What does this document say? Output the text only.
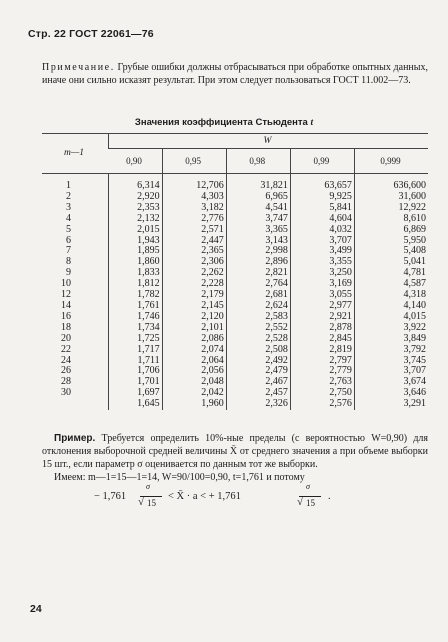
Стр. 22 ГОСТ 22061—76
Примечание. Грубые ошибки должны отбрасываться при обработке опытных данных, иначе они сильно исказят результат. При этом следует пользоваться ГОСТ 11.002—73.
Значения коэффициента Стьюдента t
m—1	W				
	0,90	0,95	0,98	0,99	0,999

1	6,314	12,706	31,821	63,657	636,600
2	2,920	4,303	6,965	9,925	31,600
3	2,353	3,182	4,541	5,841	12,922
4	2,132	2,776	3,747	4,604	8,610
5	2,015	2,571	3,365	4,032	6,869
6	1,943	2,447	3,143	3,707	5,950
7	1,895	2,365	2,998	3,499	5,408
8	1,860	2,306	2,896	3,355	5,041
9	1,833	2,262	2,821	3,250	4,781
10	1,812	2,228	2,764	3,169	4,587
12	1,782	2,179	2,681	3,055	4,318
14	1,761	2,145	2,624	2,977	4,140
16	1,746	2,120	2,583	2,921	4,015
18	1,734	2,101	2,552	2,878	3,922
20	1,725	2,086	2,528	2,845	3,849
22	1,717	2,074	2,508	2,819	3,792
24	1,711	2,064	2,492	2,797	3,745
26	1,706	2,056	2,479	2,779	3,707
28	1,701	2,048	2,467	2,763	3,674
30	1,697	2,042	2,457	2,750	3,646
	1,645	1,960	2,326	2,576	3,291
Пример. Требуется определить 10%-ные пределы (с вероятностью W=0,90) для отклонения выборочной средней величины X̄ от среднего значения a при объеме выборки 15 шт., если параметр σ оценивается по данным тот же выборки.
Имеем: m—1=15—1=14, W=90/100=0,90, t=1,761 и потому
− 1,761
σ
√ 15
< X̄ · a < + 1,761
σ
√ 15
.
24
